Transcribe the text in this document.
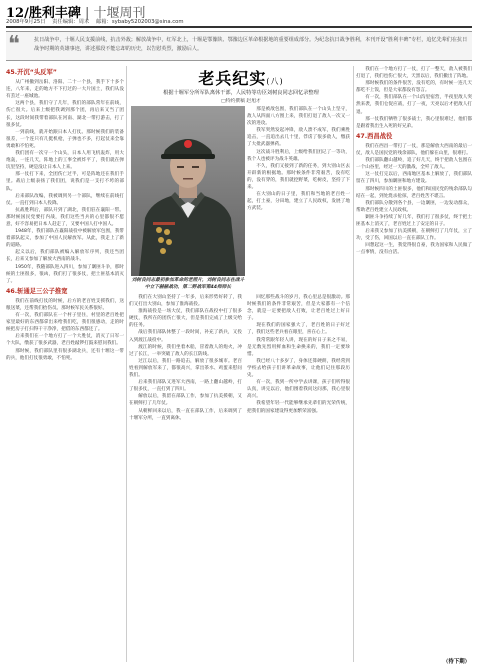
12/胜利丰碑 | 十堰周刊
2008年9月25日 责任编辑：周末 邮箱：sybaby5202003@sina.com
❝	抗日战争中，十堰人民支援前线，抗击外敌；解放战争中，红军北上，十堰是鄂豫陕、鄂豫边区革命根据地的重要组成部分。为纪念抗日战争胜利，本刊开设“胜利丰碑”专栏，追忆先辈们在抗日战争时期的英雄事迹，讲述那段不能忘却的历史，以告慰英烈，激励后人。

45.开沉“头反军”

从广州撤到岳阳、洛阳、二十一个县，我手下十多个连，八年来，走的地方不下打过的一大片国土，我们从没有丢过一座城池。

这两个县，我们守了几年，我们的部队常年在前线，伤亡很大。后来上级把我调到那个团，再后来又当了团长，这段时间我带着部队在河南、湖北一带打游击，打了很多仗。

一到前线，就开始跟日本人打仗。那时候我们的装备很差，一个连只有几挺机枪，子弹也不多，打起仗来全靠勇敢和不怕死。

我们团有一次守一个山头，日本人用飞机轰炸，用大炮轰，一连几天，阵地上的工事全被炸平了，我们就在弹坑里坚持，硬是没让日本人上来。

那一仗打下来，全团伤亡过半，可是阵地还在我们手里。战后上级表扬了我们团，说我们是一支打不垮的部队。

后来部队改编，我被调到另一个部队，继续在前线打仗。一直打到日本人投降。

抗战胜利后，部队开到了湖北，我们驻在襄阳一带。那时候国民党要打内战，我们这些当兵的心里都很不愿意，好不容易把日本人赶走了，又要中国人打中国人。

1948年，我们部队在襄阳战役中被解放军包围，我带着部队起义，参加了中国人民解放军。从此，我走上了新的道路。

起义以后，我们部队被编入解放军序列，我还当团长，后来又参加了解放大西南的战斗。

1950年，我随部队进入四川，参加了剿匪斗争，那时候的土匪很多，很凶，我们打了很多仗，把土匪基本消灭了。

46.斩通足三公子推宽

我们在前线打仗的时候，后方的老百姓支援我们，送粮送菜，还帮我们抬伤员。那时候军民关系很好。

有一次，我们部队在一个村子里住，村里的老百姓把家里最好的东西都拿出来给我们吃，我们很感动，走的时候把房子打扫得干干净净，把借的东西都还了。

后来我们在一个地方打了一个大胜仗，消灭了日军一个大队，缴获了很多武器，老百姓敲锣打鼓来慰问我们。

那时候，我们部队里有很多湖北兵，还有十堰这一带的兵，他们打仗很勇敢，不怕死。

老兵纪实(八)
根据十堰军分所军队离休干部，人民特等功臣刘树良同志回忆录整理
□特约撰稿 赵旭才
刘树良同志最初参加革命的老照片，刘树良同志在战斗中立下赫赫战功，第二野战军第44师师长

那是被敌包围，我们部队在一个山头上坚守，敌人从四面八方围上来，我们打退了敌人一次又一次的进攻。

我军突然发起冲锋，敌人溃不成军，我们乘胜追击，一直追出去几十里，俘虏了很多敌人，缴获了大批武器弹药。

这次战斗胜利后，上级给我们团记了一等功，我个人也被评为战斗英雄。

不久，我们又接到了新的任务，到大别山区去开辟新的根据地。那时候条件非常艰苦，没有吃的，没有穿的，我们就挖野菜，吃树皮，坚持了下来。

在大别山的日子里，我们和当地的老百姓一起，打土豪，分田地，建立了人民政权，发展了地方武装。

我们在大别山坚持了一年多，后来形势好转了，我们又打出大别山，参加了淮海战役。

淮海战役是一场大仗，我们部队在战役中打了很多硬仗，我所在的团伤亡很大，但是我们完成了上级交给的任务。

战后我们部队休整了一段时间，补充了新兵，又投入到渡江战役中。

渡江的时候，我们坐着木船，冒着敌人的炮火，冲过了长江，一举突破了敌人的长江防线。

过江以后，我们一路追击，解放了很多城市。老百姓看到解放军来了，都很高兴，拿出茶水、鸡蛋来慰问我们。

后来我们部队又进军大西南，一路上翻山越岭，打了很多仗，一直打到了四川。

解放以后，我留在部队工作，参加了抗美援朝，又在朝鲜打了几年仗。

从朝鲜回来以后，我一直在部队工作，后来调到了十堰军分所，一直到离休。

回忆那些战斗的岁月，我心里总是很激动。那时候我们的条件非常艰苦，但是大家都有一个信念，就是一定要把敌人打败，让老百姓过上好日子。

现在我们的国家强大了，老百姓的日子好过了，我们这些老兵看在眼里，喜在心上。

我常常跟年轻人讲，现在的好日子来之不易，是无数先烈用鲜血和生命换来的，我们一定要珍惜。

我已经八十多岁了，身体还算硬朗，我经常到学校去给孩子们讲革命故事，让他们记住那段历史。

有一次，我到一所中学去讲课，孩子们听得很认真，讲完以后，他们围着我问这问那，我心里很高兴。

我希望年轻一代能够继承先辈们的光荣传统，把我们的国家建设得更加繁荣富强。

我们在一个地方打了一仗，打了一整天，敌人被我们打退了，我们也伤亡很大，天黑以后，我们撤出了阵地。

那时候我们的条件很苦，没有吃的，有时候一连几天都吃不上饭，但是大家都没有怨言。

有一次，我们部队在一个山沟里宿营，半夜里敌人突然来袭，我们仓促应战，打了一夜，天亮以后才把敌人打退。

那一仗我们牺牲了很多战士，我心里很难过，他们都是跟着我出生入死的好兄弟。

47.西昌战役

我们在西昌一带打了一仗，那是解放大西南的最后一仗，敌人是国民党的残余部队，他们躲在山里，很难打。

我们部队翻山越岭，追了好几天，终于把敌人包围在一个山谷里，经过一天的激战，全歼了敌人。

这一仗打完以后，西南地区基本上解放了，我们部队留在了四川，参加剿匪和地方建设。

那时候四川的土匪很多，他们和国民党的残余部队勾结在一起，到处烧杀抢掠，老百姓苦不堪言。

我们部队分散到各个县，一边剿匪，一边发动群众，帮助老百姓建立人民政权。

剿匪斗争持续了好几年，我们打了很多仗，终于把土匪基本上消灭了，老百姓过上了安定的日子。

后来我又参加了抗美援朝，在朝鲜打了几年仗，立了功，受了伤，回国以后一直在部队工作。

回想起这一生，我觉得很自豪，我为国家和人民做了一点事情，没有白活。

（待下期）
